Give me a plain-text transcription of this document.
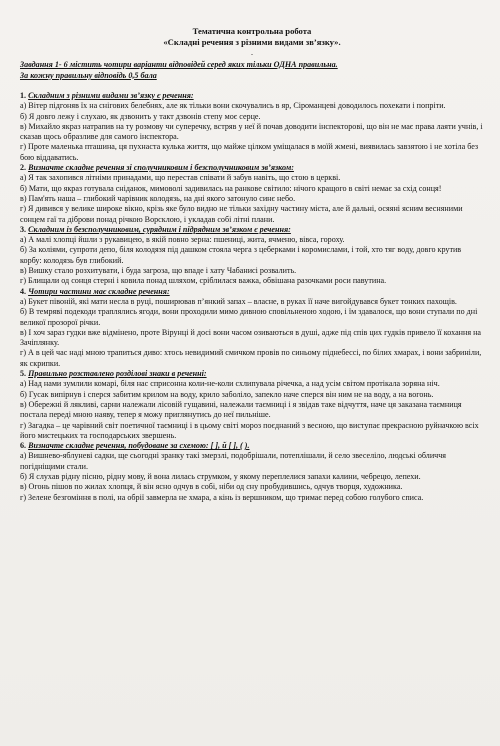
Тематична контрольна робота
«Складні речення з різними видами зв’язку».
.
Завдання 1- 6 містить чотири варіанти відповідей серед яких тільки ОДНА правильна.
За кожну правильну відповідь 0,5 бала
1. Складним з різними видами зв’язку є речення:
а) Вітер підгоняв їх на снігових белебнях, але як тільки вони скочувались в яр, Сіроманцеві доводилось похекати і попріти.
б) Я довго лежу і слухаю, як дзвонить у такт дзвонів степу моє серце.
в) Михайло якраз натрапив на ту розмову чи суперечку, встряв у неї й почав доводити інспекторові, що він не має права лаяти учнів, і сказав щось образливе для самого інспектора.
г) Проте маленька пташина, ця пухнаста кулька життя, що майже цілком уміщалася в моїй жмені, виявилась завзятою і не хотіла без бою віддаватись.
2. Визначте складне речення зі сполучниковим і безсполучниковим зв’язком:
а) Я так захопився літніми принадами, що перестав співати й забув навіть, що стою в церкві.
б) Мати, що якраз готувала сніданок, мимоволі задивилась на ранкове світило: нічого кращого в світі немає за схід сонця!
в) Пам'ять наша – глибокий чарівник колодязь, на дні якого затонуло синє небо.
г) Я дивився у велике широке вікно, крізь яке було видно не тільки західну частину міста, але й дальні, осяяні ясним весняними сонцем гаї та діброви понад річкою Ворсклою, і укладав собі літні плани.
3. Складним із безсполучниковим, сурядним і підрядним зв’язком є речення:
а) А малі хлопці йшли з рукавицею, в якій повно зерна: пшениці, жита, ячменю, вівса, гороху.
б) За коліями, супроти депо, біля колодязя під дашком стояла черга з цеберками і коромислами, і той, хто тяг воду, довго крутив корбу: колодязь був глибокий.
в) Вишку стало розхитувати, і буда загроза, що впаде і хату Чабанисі розвалить.
г) Блищали од сонця стерні і ковила понад шляхом, сріблилася важка, обвішана разочками роси павутина.
4. Чотири частини має складне речення:
а) Букет півоній, які мати несла в руці, поширював п’янкий запах – власне, в руках її наче вигойдувався букет тонких пахощів.
б) В темряві подекоди траплялись ягоди, вони проходили мимо дивною сповільненою ходою, і їм здавалося, що вони ступали по дні великої прозорої річки.
в) І хоч зараз гудки вже відмінено, проте Вірунці й досі вони часом озиваються в душі, адже під спів цих гудків привело її кохання на Зачіплянку.
г) А в цей час наді мною трапиться диво: хтось невидимий смичком провів по синьому піднебессі, по білих хмарах, і вони забриніли, як скрипки.
5. Правильно розставлено розділові знаки в реченні:
а) Над нами зумлили комарі, біля нас сприсонна коли-не-коли схлипувала річечка, а над усім світом протікала зоряна ніч.
б) Гусак випірнув і сперся забитим крилом на воду, крило заболіло, запекло наче сперся він ним не на воду, а на вогонь.
в) Обережні й лякливі, сарни належали лісовій гущавині, належали таємниці і я звідав таке відчуття, наче ця заказана таємниця постала переді мною наяву, тепер я можу приглянутись до неї пильніше.
г) Загадка – це чарівний світ поетичної таємниці і в цьому світі мороз поєднаний з весною, що виступає прекрасною руйначкою всіх його мистецьких та господарських звершень.
6. Визначте складне речення, побудоване за схемою: [ ], й [ ], ( ).
а) Вишнево-яблуневі садки, ще сьогодні зранку такі змерзлі, подобрішали, потеплішали, й село звеселіло, людські обличчя погідніщими стали.
б) Я слухав рідну пісню, рідну мову, й вона лилась струмком, у якому переплелися запахи калини, чебрецю, лепехи.
в) Огонь пішов по жилах хлопця, й він ясно одчув в собі, ніби од сну пробудившись, одчув творця, художника.
г) Зелене безгоміння в полі, на обрії завмерла не хмара, а кінь із вершником, що тримає перед собою голубого списа.
